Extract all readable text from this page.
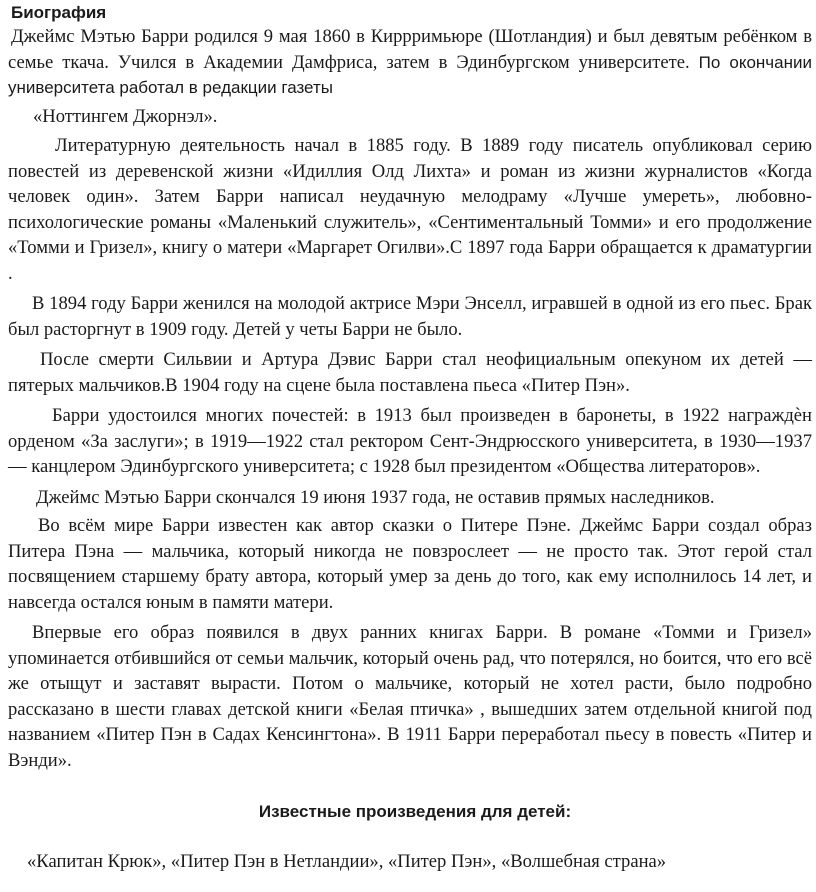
Биография

Джеймс Мэтью Барри родился 9 мая 1860 в Киррримьюре (Шотландия) и был девятым ребёнком в семье ткача. Учился в Академии Дамфриса, затем в Эдинбургском университете. По окончании университета работал в редакции газеты

«Ноттингем Джорнэл».

Литературную деятельность начал в 1885 году. В 1889 году писатель опубликовал серию повестей из деревенской жизни «Идиллия Олд Лихта» и роман из жизни журналистов «Когда человек один». Затем Барри написал неудачную мелодраму «Лучше умереть», любовно-психологические романы «Маленький служитель», «Сентиментальный Томми» и его продолжение «Томми и Гризел», книгу о матери «Маргарет Огилви».С 1897 года Барри обращается к драматургии .

В 1894 году Барри женился на молодой актрисе Мэри Энселл, игравшей в одной из его пьес. Брак был расторгнут в 1909 году. Детей у четы Барри не было.

После смерти Сильвии и Артура Дэвис Барри стал неофициальным опекуном их детей — пятерых мальчиков.В 1904 году на сцене была поставлена пьеса «Питер Пэн».

Барри удостоился многих почестей: в 1913 был произведен в баронеты, в 1922 награждѐн орденом «За заслуги»; в 1919—1922 стал ректором Сент-Эндрюсского университета, в 1930—1937 — канцлером Эдинбургского университета; с 1928 был президентом «Общества литераторов».

Джеймс Мэтью Барри скончался 19 июня 1937 года, не оставив прямых наследников.

Во всём мире Барри известен как автор сказки о Питере Пэне. Джеймс Барри создал образ Питера Пэна — мальчика, который никогда не повзрослеет — не просто так. Этот герой стал посвящением старшему брату автора, который умер за день до того, как ему исполнилось 14 лет, и навсегда остался юным в памяти матери.

Впервые его образ появился в двух ранних книгах Барри. В романе «Томми и Гризел» упоминается отбившийся от семьи мальчик, который очень рад, что потерялся, но боится, что его всё же отыщут и заставят вырасти. Потом о мальчике, который не хотел расти, было подробно рассказано в шести главах детской книги «Белая птичка» , вышедших затем отдельной книгой под названием «Питер Пэн в Садах Кенсингтона». В 1911 Барри переработал пьесу в повесть «Питер и Вэнди».

Известные произведения для детей:
«Капитан Крюк», «Питер Пэн в Нетландии», «Питер Пэн», «Волшебная страна»
